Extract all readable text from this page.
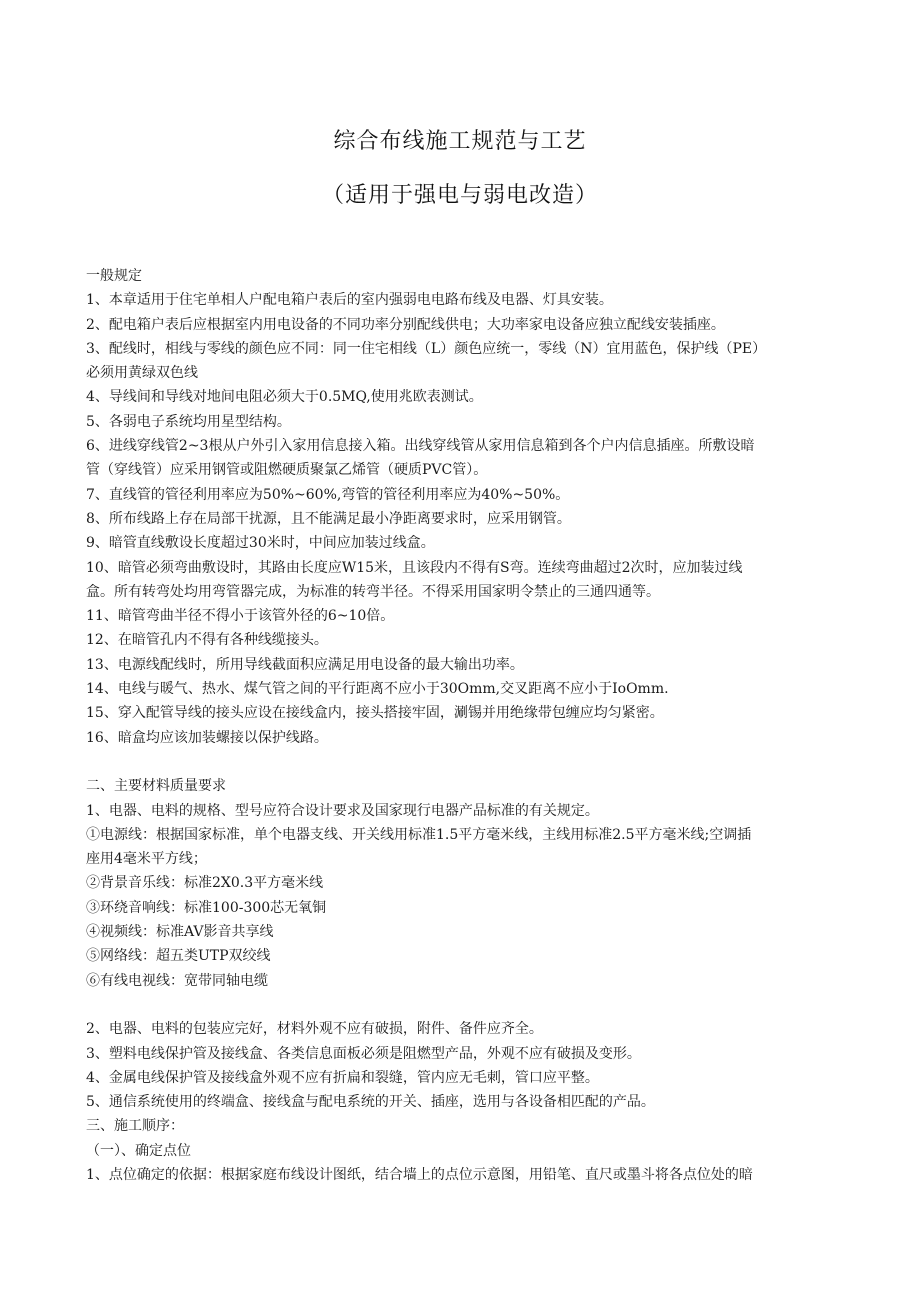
综合布线施工规范与工艺
（适用于强电与弱电改造）
一般规定
1、本章适用于住宅单相人户配电箱户表后的室内强弱电电路布线及电器、灯具安装。
2、配电箱户表后应根据室内用电设备的不同功率分别配线供电；大功率家电设备应独立配线安装插座。
3、配线时，相线与零线的颜色应不同：同一住宅相线（L）颜色应统一，零线（N）宜用蓝色，保护线（PE）
必须用黄绿双色线
4、导线间和导线对地间电阻必须大于0.5MQ,使用兆欧表测试。
5、各弱电子系统均用星型结构。
6、进线穿线管2~3根从户外引入家用信息接入箱。出线穿线管从家用信息箱到各个户内信息插座。所敷设暗
管（穿线管）应采用钢管或阻燃硬质聚氯乙烯管（硬质PVC管）。
7、直线管的管径利用率应为50%~60%,弯管的管径利用率应为40%~50%。
8、所布线路上存在局部干扰源，且不能满足最小净距离要求时，应采用钢管。
9、暗管直线敷设长度超过30米时，中间应加装过线盒。
10、暗管必须弯曲敷设时，其路由长度应W15米，且该段内不得有S弯。连续弯曲超过2次时，应加装过线
盒。所有转弯处均用弯管器完成，为标准的转弯半径。不得采用国家明令禁止的三通四通等。
11、暗管弯曲半径不得小于该管外径的6~10倍。
12、在暗管孔内不得有各种线缆接头。
13、电源线配线时，所用导线截面积应满足用电设备的最大输出功率。
14、电线与暖气、热水、煤气管之间的平行距离不应小于30Omm,交叉距离不应小于IoOmm.
15、穿入配管导线的接头应设在接线盒内，接头搭接牢固，涮锡并用绝缘带包缠应均匀紧密。
16、暗盒均应该加装螺接以保护线路。
二、主要材料质量要求
1、电器、电料的规格、型号应符合设计要求及国家现行电器产品标准的有关规定。
①电源线：根据国家标准，单个电器支线、开关线用标准1.5平方毫米线，主线用标准2.5平方毫米线;空调插
座用4毫米平方线；
②背景音乐线：标准2X0.3平方毫米线
③环绕音响线：标准100-300芯无氧铜
④视频线：标准AV影音共享线
⑤网络线：超五类UTP双绞线
⑥有线电视线：宽带同轴电缆
2、电器、电料的包装应完好，材料外观不应有破损，附件、备件应齐全。
3、塑料电线保护管及接线盒、各类信息面板必须是阻燃型产品，外观不应有破损及变形。
4、金属电线保护管及接线盒外观不应有折扁和裂缝，管内应无毛刺，管口应平整。
5、通信系统使用的终端盒、接线盒与配电系统的开关、插座，选用与各设备相匹配的产品。
三、施工顺序：
（一）、确定点位
1、点位确定的依据：根据家庭布线设计图纸，结合墙上的点位示意图，用铅笔、直尺或墨斗将各点位处的暗
